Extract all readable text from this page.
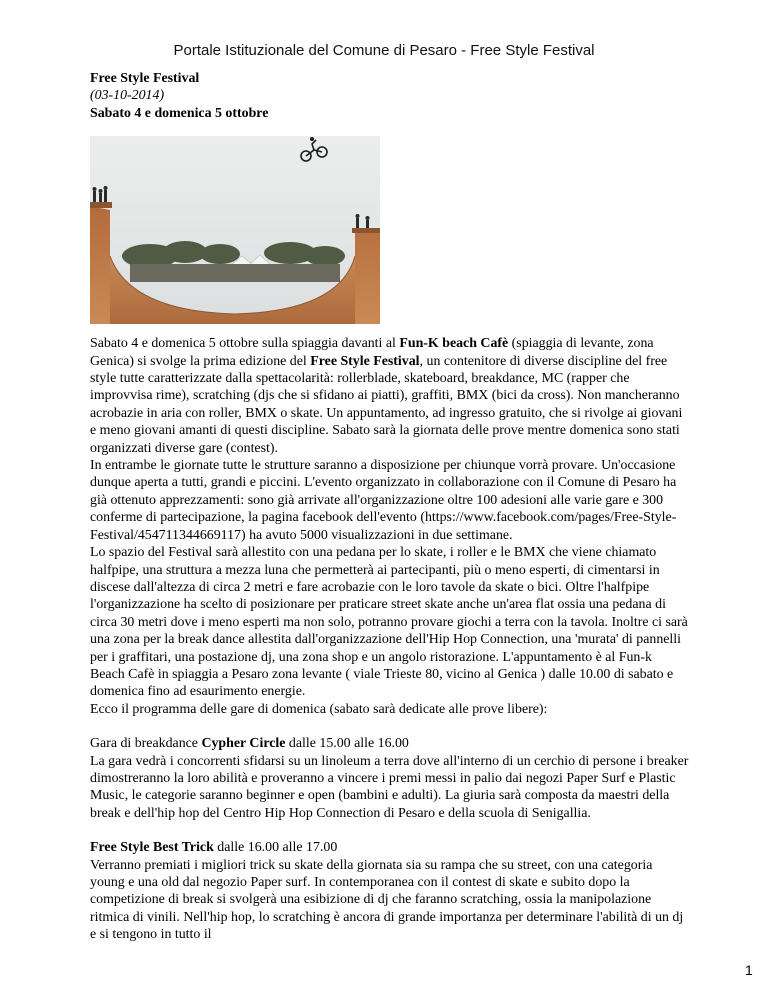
Portale Istituzionale del Comune di Pesaro - Free Style Festival

Free Style Festival

(03-10-2014)

Sabato 4 e domenica 5 ottobre

Sabato 4 e domenica 5 ottobre sulla spiaggia davanti al Fun-K beach Cafè (spiaggia di levante, zona Genica) si svolge la prima edizione del Free Style Festival, un contenitore di diverse discipline del free style tutte caratterizzate dalla spettacolarità: rollerblade, skateboard, breakdance, MC (rapper che improvvisa rime), scratching (djs che si sfidano ai piatti), graffiti, BMX (bici da cross). Non mancheranno acrobazie in aria con roller, BMX o skate. Un appuntamento, ad ingresso gratuito, che si rivolge ai giovani e meno giovani amanti di questi discipline. Sabato sarà la giornata delle prove mentre domenica sono stati organizzati diverse gare (contest).

In entrambe le giornate tutte le strutture saranno a disposizione per chiunque vorrà provare. Un'occasione dunque aperta a tutti, grandi e piccini. L'evento organizzato in collaborazione con il Comune di Pesaro ha già ottenuto apprezzamenti: sono già arrivate all'organizzazione oltre 100 adesioni alle varie gare e 300 conferme di partecipazione, la pagina facebook dell'evento (https://www.facebook.com/pages/Free-Style-Festival/454711344669117) ha avuto 5000 visualizzazioni in due settimane.

Lo spazio del Festival sarà allestito con una pedana per lo skate, i roller e le BMX che viene chiamato halfpipe, una struttura a mezza luna che permetterà ai partecipanti, più o meno esperti, di cimentarsi in discese dall'altezza di circa 2 metri e fare acrobazie con le loro tavole da skate o bici. Oltre l'halfpipe l'organizzazione ha scelto di posizionare per praticare street skate anche un'area flat ossia una pedana di circa 30 metri dove i meno esperti ma non solo, potranno provare giochi a terra con la tavola. Inoltre ci sarà una zona per la break dance allestita dall'organizzazione dell'Hip Hop Connection, una 'murata' di pannelli per i graffitari, una postazione dj, una zona shop e un angolo ristorazione. L'appuntamento è al Fun-k Beach Cafè in spiaggia a Pesaro zona levante ( viale Trieste 80, vicino al Genica ) dalle 10.00 di sabato e domenica fino ad esaurimento energie.

Ecco il programma delle gare di domenica (sabato sarà dedicate alle prove libere):

Gara di breakdance Cypher Circle dalle 15.00 alle 16.00

La gara vedrà i concorrenti sfidarsi su un linoleum a terra dove all'interno di un cerchio di persone i breaker dimostreranno la loro abilità e proveranno a vincere i premi messi in palio dai negozi Paper Surf e Plastic Music, le categorie saranno beginner e open (bambini e adulti). La giuria sarà composta da maestri della break e dell'hip hop del Centro Hip Hop Connection di Pesaro e della scuola di Senigallia.

Free Style Best Trick dalle 16.00 alle 17.00

Verranno premiati i migliori trick su skate della giornata sia su rampa che su street, con una categoria young e una old dal negozio Paper surf. In contemporanea con il contest di skate e subito dopo la competizione di break si svolgerà una esibizione di dj che faranno scratching, ossia la manipolazione ritmica di vinili. Nell'hip hop, lo scratching è ancora di grande importanza per determinare l'abilità di un dj e si tengono in tutto il

1
